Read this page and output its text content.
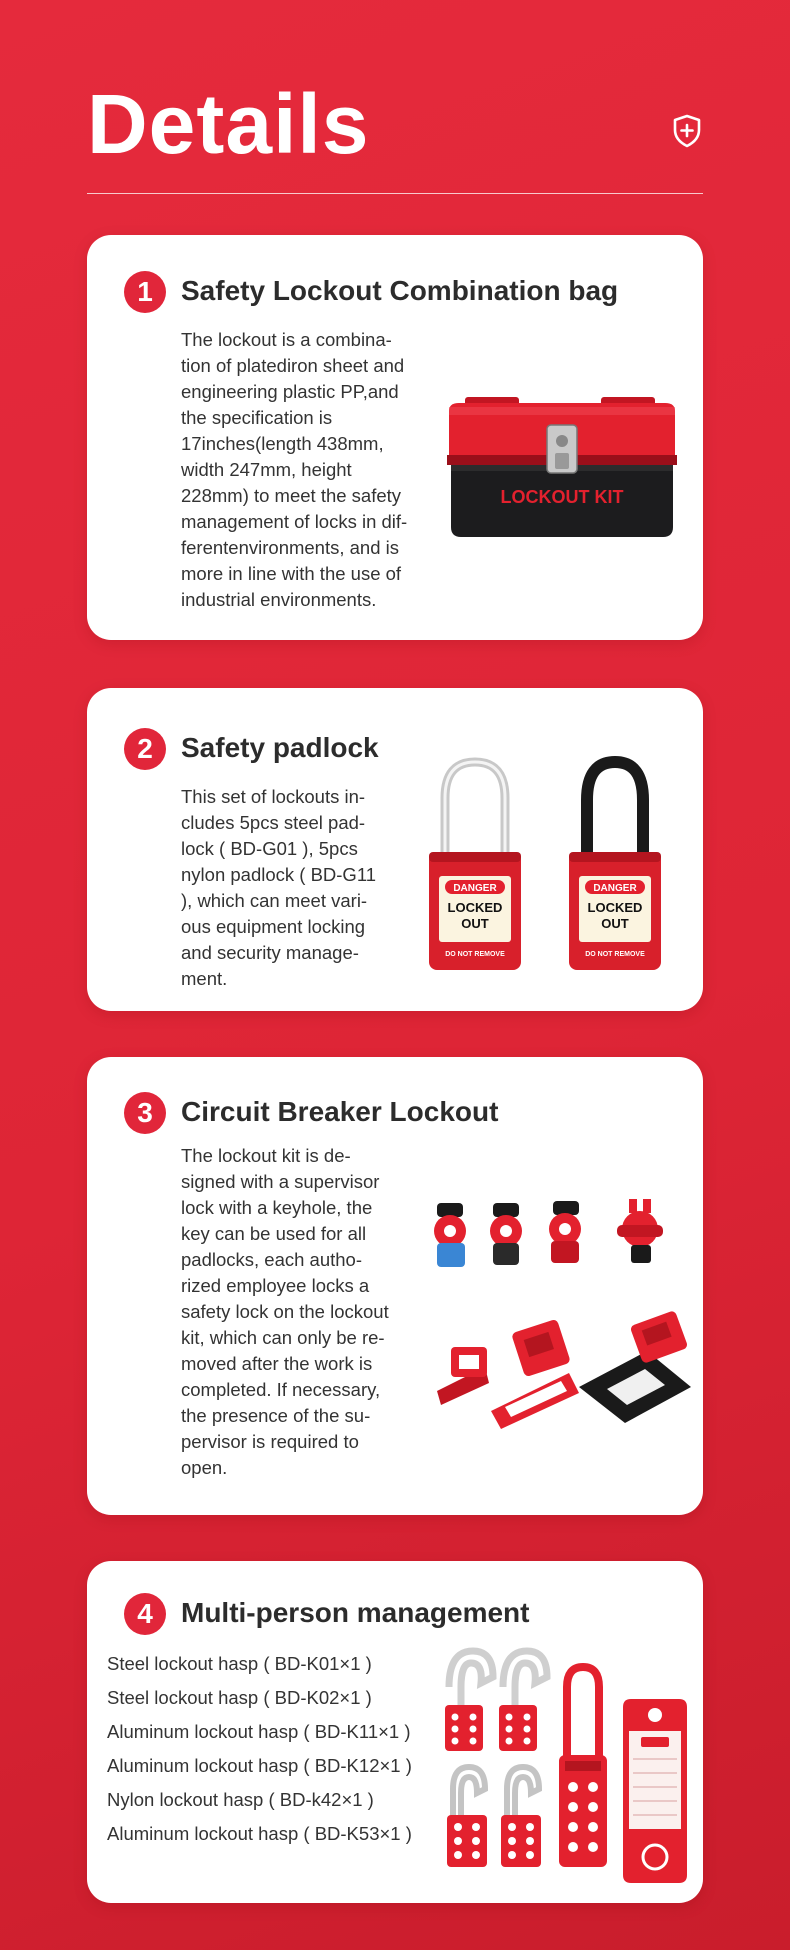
Details
1	Safety Lockout Combination bag
The lockout is a combina-
tion of platediron sheet and
engineering plastic PP,and
the specification is
17inches(length 438mm,
width 247mm, height
228mm) to meet the safety
management of locks in dif-
ferentenvironments, and is
more in line with the use of
industrial environments.
LOCKOUT KIT
2	Safety padlock
This set of lockouts in-
cludes 5pcs steel pad-
lock ( BD-G01 ), 5pcs
nylon padlock ( BD-G11
), which can meet vari-
ous equipment locking
and security manage-
ment.
DANGER
LOCKED
OUT
DO NOT REMOVE
DANGER
LOCKED
OUT
DO NOT REMOVE
3	Circuit Breaker Lockout
The lockout kit is de-
signed with a supervisor
lock with a keyhole, the
key can be used for all
padlocks, each autho-
rized employee locks a
safety lock on the lockout
kit, which can only be re-
moved after the work is
completed. If necessary,
the presence of the su-
pervisor is required to
open.
4	Multi-person management
Steel lockout hasp ( BD-K01×1 )
Steel lockout hasp ( BD-K02×1 )
Aluminum lockout hasp ( BD-K11×1 )
Aluminum lockout hasp ( BD-K12×1 )
Nylon lockout hasp ( BD-k42×1 )
Aluminum lockout hasp ( BD-K53×1 )
